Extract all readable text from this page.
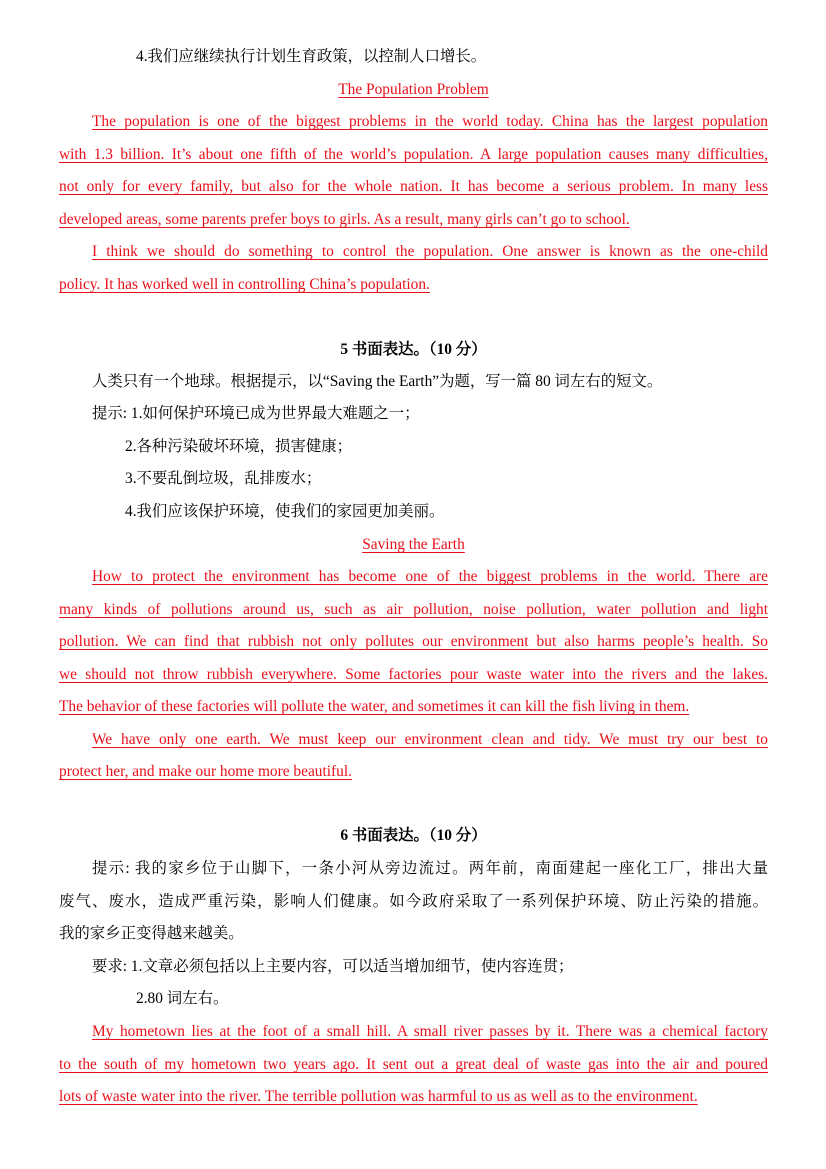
4.我们应继续执行计划生育政策，以控制人口增长。
The Population Problem
The population is one of the biggest problems in the world today. China has the largest population
with 1.3 billion. It’s about one fifth of the world’s population. A large population causes many difficulties,
not only for every family, but also for the whole nation. It has become a serious problem. In many less
developed areas, some parents prefer boys to girls. As a result, many girls can’t go to school.
I think we should do something to control the population. One answer is known as the one-child
policy. It has worked well in controlling China’s population.
5 书面表达。（10 分）
人类只有一个地球。根据提示，以“Saving the Earth”为题，写一篇 80 词左右的短文。
提示: 1.如何保护环境已成为世界最大难题之一；
2.各种污染破坏环境，损害健康；
3.不要乱倒垃圾，乱排废水；
4.我们应该保护环境，使我们的家园更加美丽。
Saving the Earth
How to protect the environment has become one of the biggest problems in the world. There are
many kinds of pollutions around us, such as air pollution, noise pollution, water pollution and light
pollution. We can find that rubbish not only pollutes our environment but also harms people’s health. So
we should not throw rubbish everywhere. Some factories pour waste water into the rivers and the lakes.
The behavior of these factories will pollute the water, and sometimes it can kill the fish living in them.
We have only one earth. We must keep our environment clean and tidy. We must try our best to
protect her, and make our home more beautiful.
6 书面表达。（10 分）
提示: 我的家乡位于山脚下，一条小河从旁边流过。两年前，南面建起一座化工厂，排出大量
废气、废水，造成严重污染，影响人们健康。如今政府采取了一系列保护环境、防止污染的措施。
我的家乡正变得越来越美。
要求: 1.文章必须包括以上主要内容，可以适当增加细节，使内容连贯；
2.80 词左右。
My hometown lies at the foot of a small hill. A small river passes by it. There was a chemical factory
to the south of my hometown two years ago. It sent out a great deal of waste gas into the air and poured
lots of waste water into the river. The terrible pollution was harmful to us as well as to the environment.
